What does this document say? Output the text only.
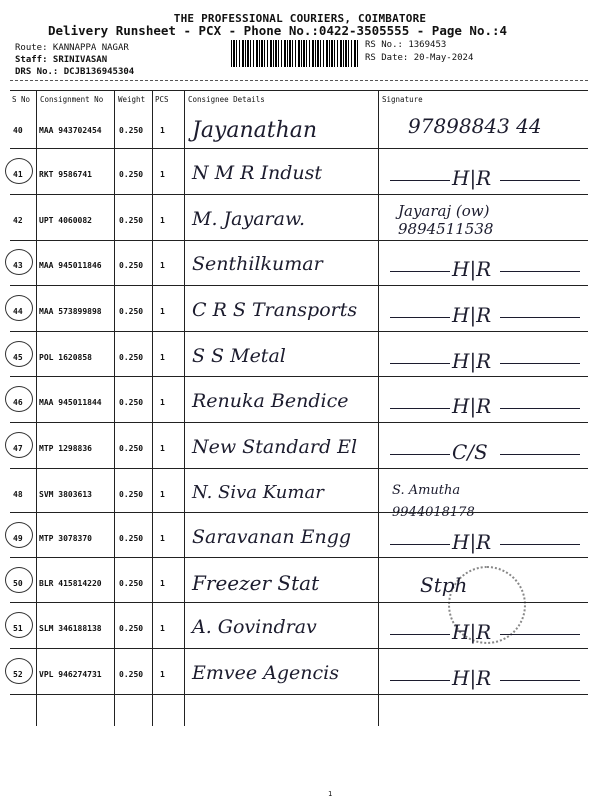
THE PROFESSIONAL COURIERS, COIMBATORE
Delivery Runsheet - PCX - Phone No.:0422-3505555 - Page No.:4
Route: KANNAPPA NAGAR
Staff: SRINIVASAN
DRS No.: DCJB136945304
RS No.: 1369453
RS Date: 20-May-2024
S No Consignment No Weight PCS	Consignee Details	Signature
40 MAA 943702454 0.250 1 Jayanathan	97898843 44
41 RKT 9586741	0.250 1 N M R Indust	H|R
42 UPT 4060082	0.250 1 M. Jayaraw.	Jayaraj (ow) 9894511538
43 MAA 945011846 0.250 1 Senthilkumar	H|R
44 MAA 573899898 0.250 1 C R S Transports	H|R
45 POL 1620858	0.250 1 S S Metal	H|R
46 MAA 945011844 0.250 1 Renuka Bendice	H|R
47 MTP 1298836	0.250 1 New Standard El	C/S
48 SVM 3803613	0.250 1 N. Siva Kumar	S. Amutha 9944018178
49 MTP 3078370	0.250 1 Saravanan Engg	H|R
50 BLR 415814220 0.250 1 Freezer Stat	Stph
51 SLM 346188138 0.250 1 A. Govindrav	H|R
52 VPL 946274731 0.250 1 Emvee Agencis	H|R
1
